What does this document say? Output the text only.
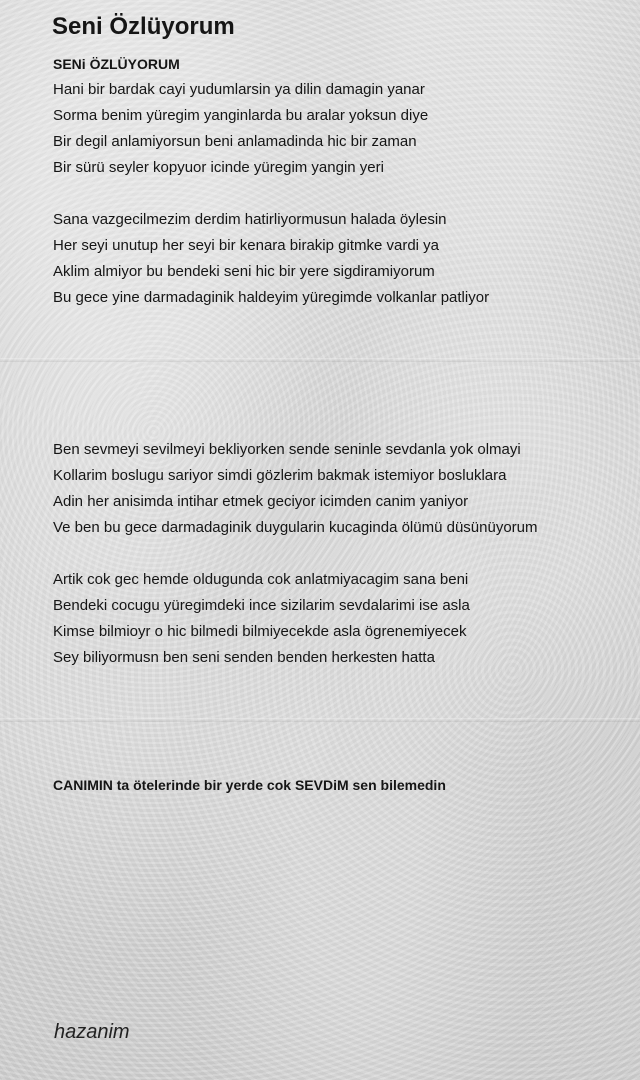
Seni Özlüyorum

SENi ÖZLÜYORUM

Hani bir bardak cayi yudumlarsin ya dilin damagin yanar

Sorma benim yüregim yanginlarda bu aralar yoksun diye

Bir degil anlamiyorsun beni anlamadinda hic bir zaman

Bir sürü seyler kopyuor icinde yüregim yangin yeri

Sana vazgecilmezim derdim hatirliyormusun halada öylesin

Her seyi unutup her seyi bir kenara birakip gitmke vardi ya

Aklim almiyor bu bendeki seni hic bir yere sigdiramiyorum

Bu gece yine darmadaginik haldeyim yüregimde volkanlar patliyor

Ben sevmeyi sevilmeyi bekliyorken sende seninle sevdanla yok olmayi

Kollarim boslugu sariyor simdi gözlerim bakmak istemiyor bosluklara

Adin her anisimda intihar etmek geciyor icimden canim yaniyor

Ve ben bu gece darmadaginik duygularin kucaginda ölümü düsünüyorum

Artik cok gec hemde oldugunda cok anlatmiyacagim sana beni

Bendeki cocugu yüregimdeki ince sizilarim sevdalarimi ise asla

Kimse bilmioyr o hic bilmedi bilmiyecekde asla ögrenemiyecek

Sey biliyormusn ben seni senden benden herkesten hatta

CANIMIN ta ötelerinde bir yerde cok SEVDiM sen bilemedin

hazanim
